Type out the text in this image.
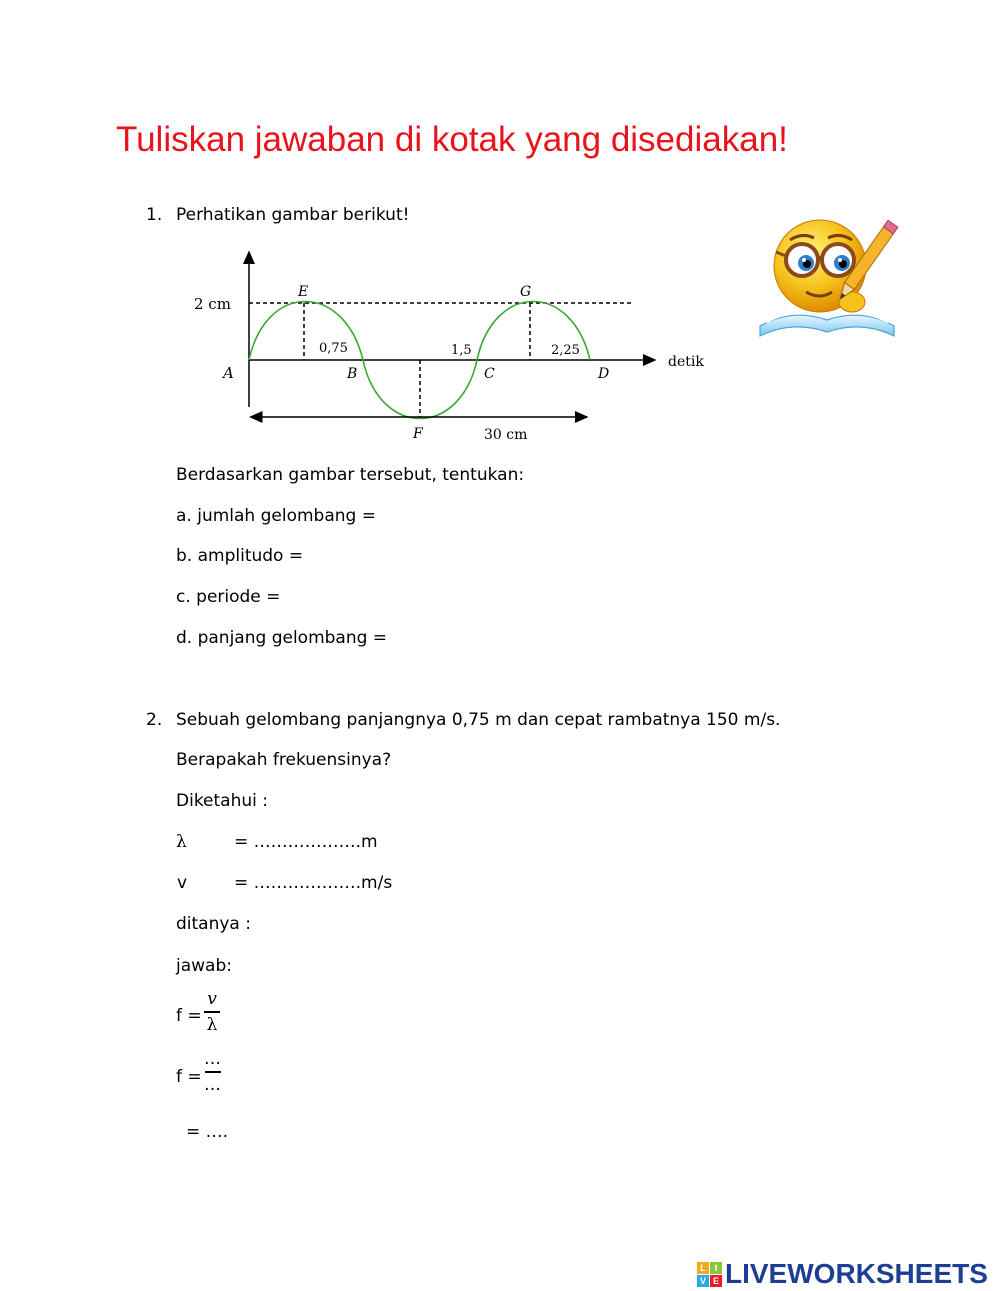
Tuliskan jawaban di kotak yang disediakan!
1. Perhatikan gambar berikut!
2 cm
A
E	G
B	C	D
F
0,75	1,5	2,25
detik
30 cm
Berdasarkan gambar tersebut, tentukan:
a. jumlah gelombang =
b. amplitudo =
c. periode =
d. panjang gelombang =
2. Sebuah gelombang panjangnya 0,75 m dan cepat rambatnya 150 m/s.
Berapakah frekuensinya?
Diketahui :
λ	= ……………….m
v	= ……………….m/s
ditanya :
jawab:
f =
v
λ
f =
…
…
= ….
L I
V E LIVEWORKSHEETS
